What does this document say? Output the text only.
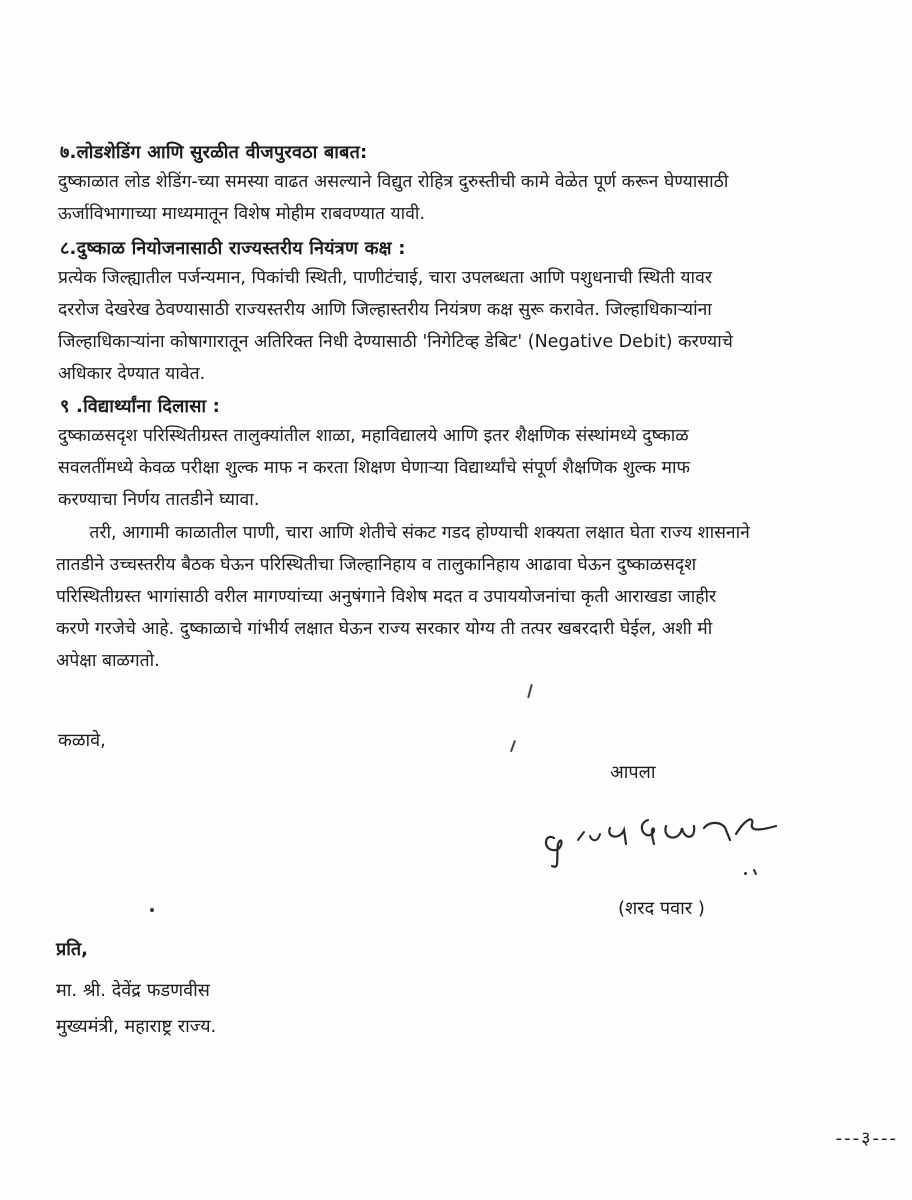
७.लोडशेडिंग आणि सुरळीत वीजपुरवठा बाबत:
दुष्काळात लोड शेडिंग-च्या समस्या वाढत असल्याने विद्युत रोहित्र दुरुस्तीची कामे वेळेत पूर्ण करून घेण्यासाठी
ऊर्जाविभागाच्या माध्यमातून विशेष मोहीम राबवण्यात यावी.
८.दुष्काळ नियोजनासाठी राज्यस्तरीय नियंत्रण कक्ष :
प्रत्येक जिल्ह्यातील पर्जन्यमान, पिकांची स्थिती, पाणीटंचाई, चारा उपलब्धता आणि पशुधनाची स्थिती यावर
दररोज देखरेख ठेवण्यासाठी राज्यस्तरीय आणि जिल्हास्तरीय नियंत्रण कक्ष सुरू करावेत. जिल्हाधिकाऱ्यांना
जिल्हाधिकाऱ्यांना कोषागारातून अतिरिक्त निधी देण्यासाठी 'निगेटिव्ह डेबिट' (Negative Debit) करण्याचे
अधिकार देण्यात यावेत.
९ .विद्यार्थ्यांना दिलासा :
दुष्काळसदृश परिस्थितीग्रस्त तालुक्यांतील शाळा, महाविद्यालये आणि इतर शैक्षणिक संस्थांमध्ये दुष्काळ
सवलतींमध्ये केवळ परीक्षा शुल्क माफ न करता शिक्षण घेणाऱ्या विद्यार्थ्यांचे संपूर्ण शैक्षणिक शुल्क माफ
करण्याचा निर्णय तातडीने घ्यावा.
तरी, आगामी काळातील पाणी, चारा आणि शेतीचे संकट गडद होण्याची शक्यता लक्षात घेता राज्य शासनाने
तातडीने उच्चस्तरीय बैठक घेऊन परिस्थितीचा जिल्हानिहाय व तालुकानिहाय आढावा घेऊन दुष्काळसदृश
परिस्थितीग्रस्त भागांसाठी वरील मागण्यांच्या अनुषंगाने विशेष मदत व उपाययोजनांचा कृती आराखडा जाहीर
करणे गरजेचे आहे. दुष्काळाचे गांभीर्य लक्षात घेऊन राज्य सरकार योग्य ती तत्पर खबरदारी घेईल, अशी मी
अपेक्षा बाळगतो.
कळावे,
आपला
(शरद पवार )
प्रति,
मा. श्री. देवेंद्र फडणवीस
मुख्यमंत्री, महाराष्ट्र राज्य.
---३---
